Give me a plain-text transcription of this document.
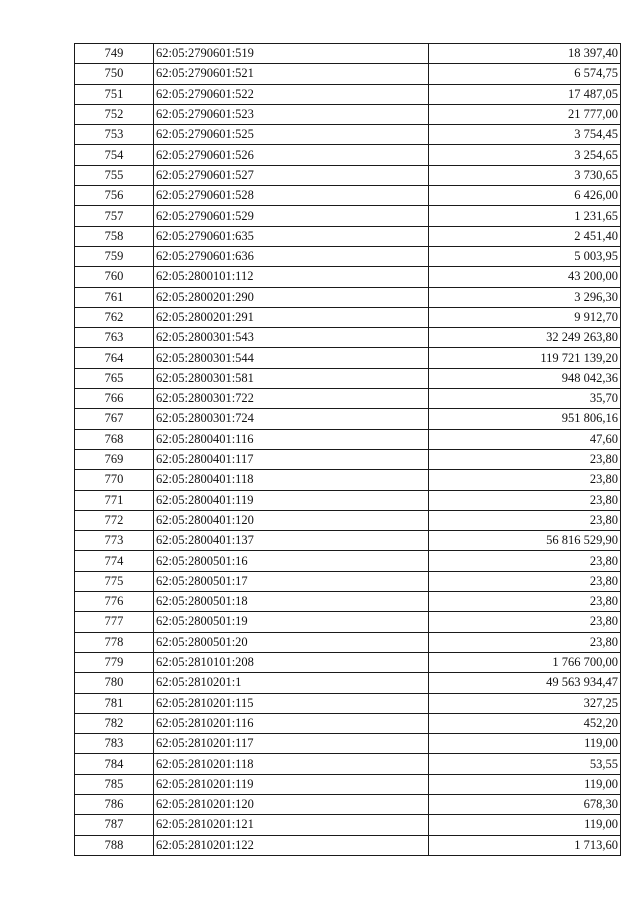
749	62:05:2790601:519	18 397,40
750	62:05:2790601:521	6 574,75
751	62:05:2790601:522	17 487,05
752	62:05:2790601:523	21 777,00
753	62:05:2790601:525	3 754,45
754	62:05:2790601:526	3 254,65
755	62:05:2790601:527	3 730,65
756	62:05:2790601:528	6 426,00
757	62:05:2790601:529	1 231,65
758	62:05:2790601:635	2 451,40
759	62:05:2790601:636	5 003,95
760	62:05:2800101:112	43 200,00
761	62:05:2800201:290	3 296,30
762	62:05:2800201:291	9 912,70
763	62:05:2800301:543	32 249 263,80
764	62:05:2800301:544	119 721 139,20
765	62:05:2800301:581	948 042,36
766	62:05:2800301:722	35,70
767	62:05:2800301:724	951 806,16
768	62:05:2800401:116	47,60
769	62:05:2800401:117	23,80
770	62:05:2800401:118	23,80
771	62:05:2800401:119	23,80
772	62:05:2800401:120	23,80
773	62:05:2800401:137	56 816 529,90
774	62:05:2800501:16	23,80
775	62:05:2800501:17	23,80
776	62:05:2800501:18	23,80
777	62:05:2800501:19	23,80
778	62:05:2800501:20	23,80
779	62:05:2810101:208	1 766 700,00
780	62:05:2810201:1	49 563 934,47
781	62:05:2810201:115	327,25
782	62:05:2810201:116	452,20
783	62:05:2810201:117	119,00
784	62:05:2810201:118	53,55
785	62:05:2810201:119	119,00
786	62:05:2810201:120	678,30
787	62:05:2810201:121	119,00
788	62:05:2810201:122	1 713,60
